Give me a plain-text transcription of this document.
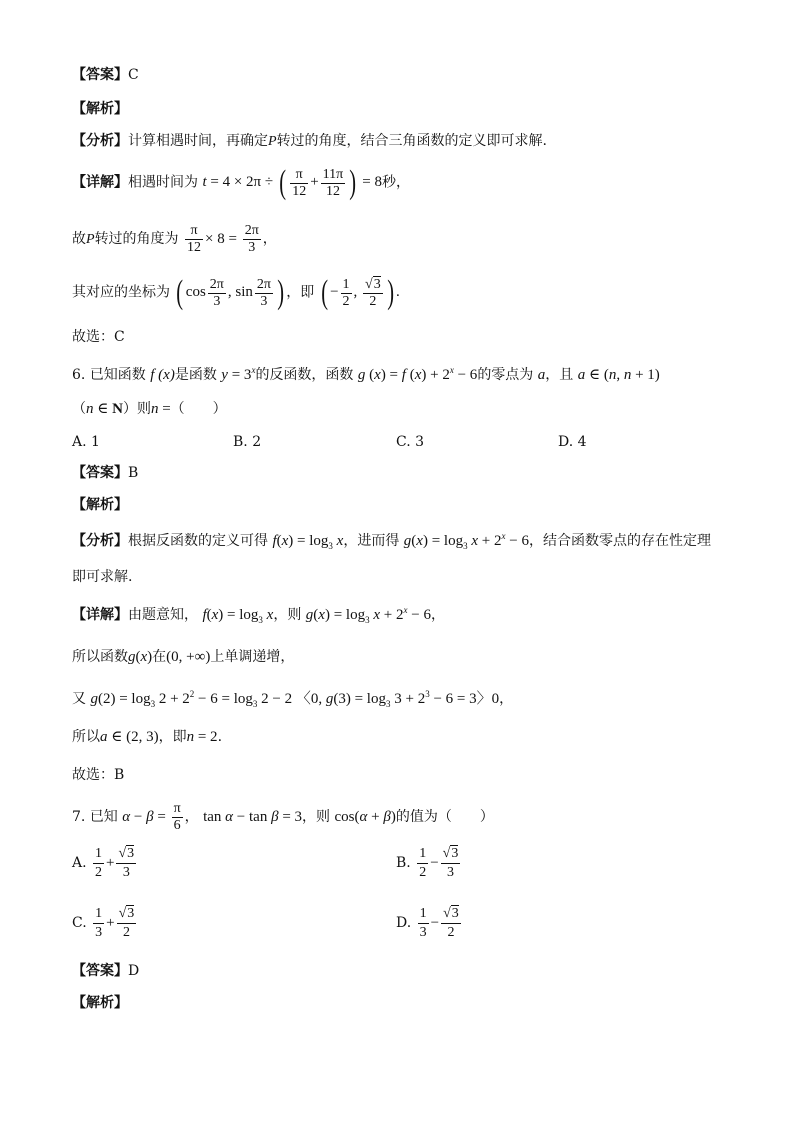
【答案】C
【解析】
【分析】计算相遇时间，再确定P转过的角度，结合三角函数的定义即可求解.
【详解】相遇时间为 t = 4 × 2π ÷ ( $\frac{\pi}{12} + \frac{11\pi}{12}$ ) = 8秒，
故P转过的角度为 $\frac{\pi}{12} \times 8 = \frac{2\pi}{3}$ ，
其对应的坐标为 ( $\cos \frac{2\pi}{3}$ , $\sin \frac{2\pi}{3}$ ) ，即 ( − $\frac{1}{2}$ , $\frac{√3}{2}$ ) .
故选：C
6. 已知函数 f (x)是函数 $y = 3^x$的反函数，函数 g (x) = f $(x) + 2^x - 6$的零点为 a，且 a ∈ (n, n + 1)
（n ∈ N）则n =（　　）
A. 1	B. 2	C. 3	D. 4
【答案】B
【解析】
【分析】根据反函数的定义可得 $f(x) = \log_3 x$，进而得 $g(x) = \log_3 x + 2^x - 6$，结合函数零点的存在性定理
即可求解.
【详解】由题意知， $f(x) = \log_3 x$，则 $g(x) = \log_3 x + 2^x - 6$，
所以函数g(x)在(0, +∞)上单调递增，
又 $g(2) = \log_3 2 + 2^2 - 6 = \log_3 2 - 2$ 〈0, $g(3) = \log_3 3 + 2^3 - 6 = 3$〉0，
所以a ∈ (2, 3)，即n = 2.
故选：B
7. 已知 $\alpha - \beta = \frac{\pi}{6}$ ， tan α − tan β = 3，则 cos(α + β)的值为（　　）
A. $\frac{1}{2} + \frac{√3}{3}$	B. $\frac{1}{2} - \frac{√3}{3}$
C. $\frac{1}{3} + \frac{√3}{2}$	D. $\frac{1}{3} - \frac{√3}{2}$
【答案】D
【解析】
